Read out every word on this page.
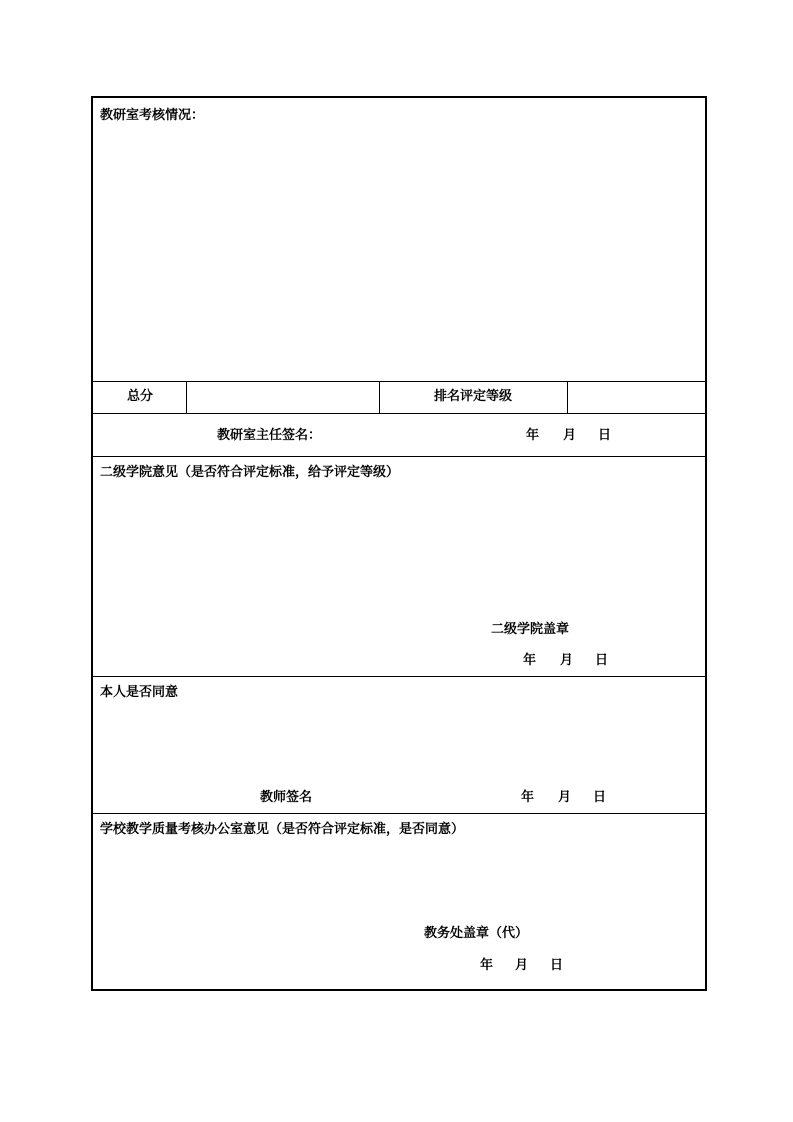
教研室考核情况：
总分	排名评定等级
教研室主任签名：	年 月 日
二级学院意见（是否符合评定标准，给予评定等级）
二级学院盖章
年 月 日
本人是否同意
教师签名	年 月 日
学校教学质量考核办公室意见（是否符合评定标准，是否同意）
教务处盖章（代）
年 月 日
